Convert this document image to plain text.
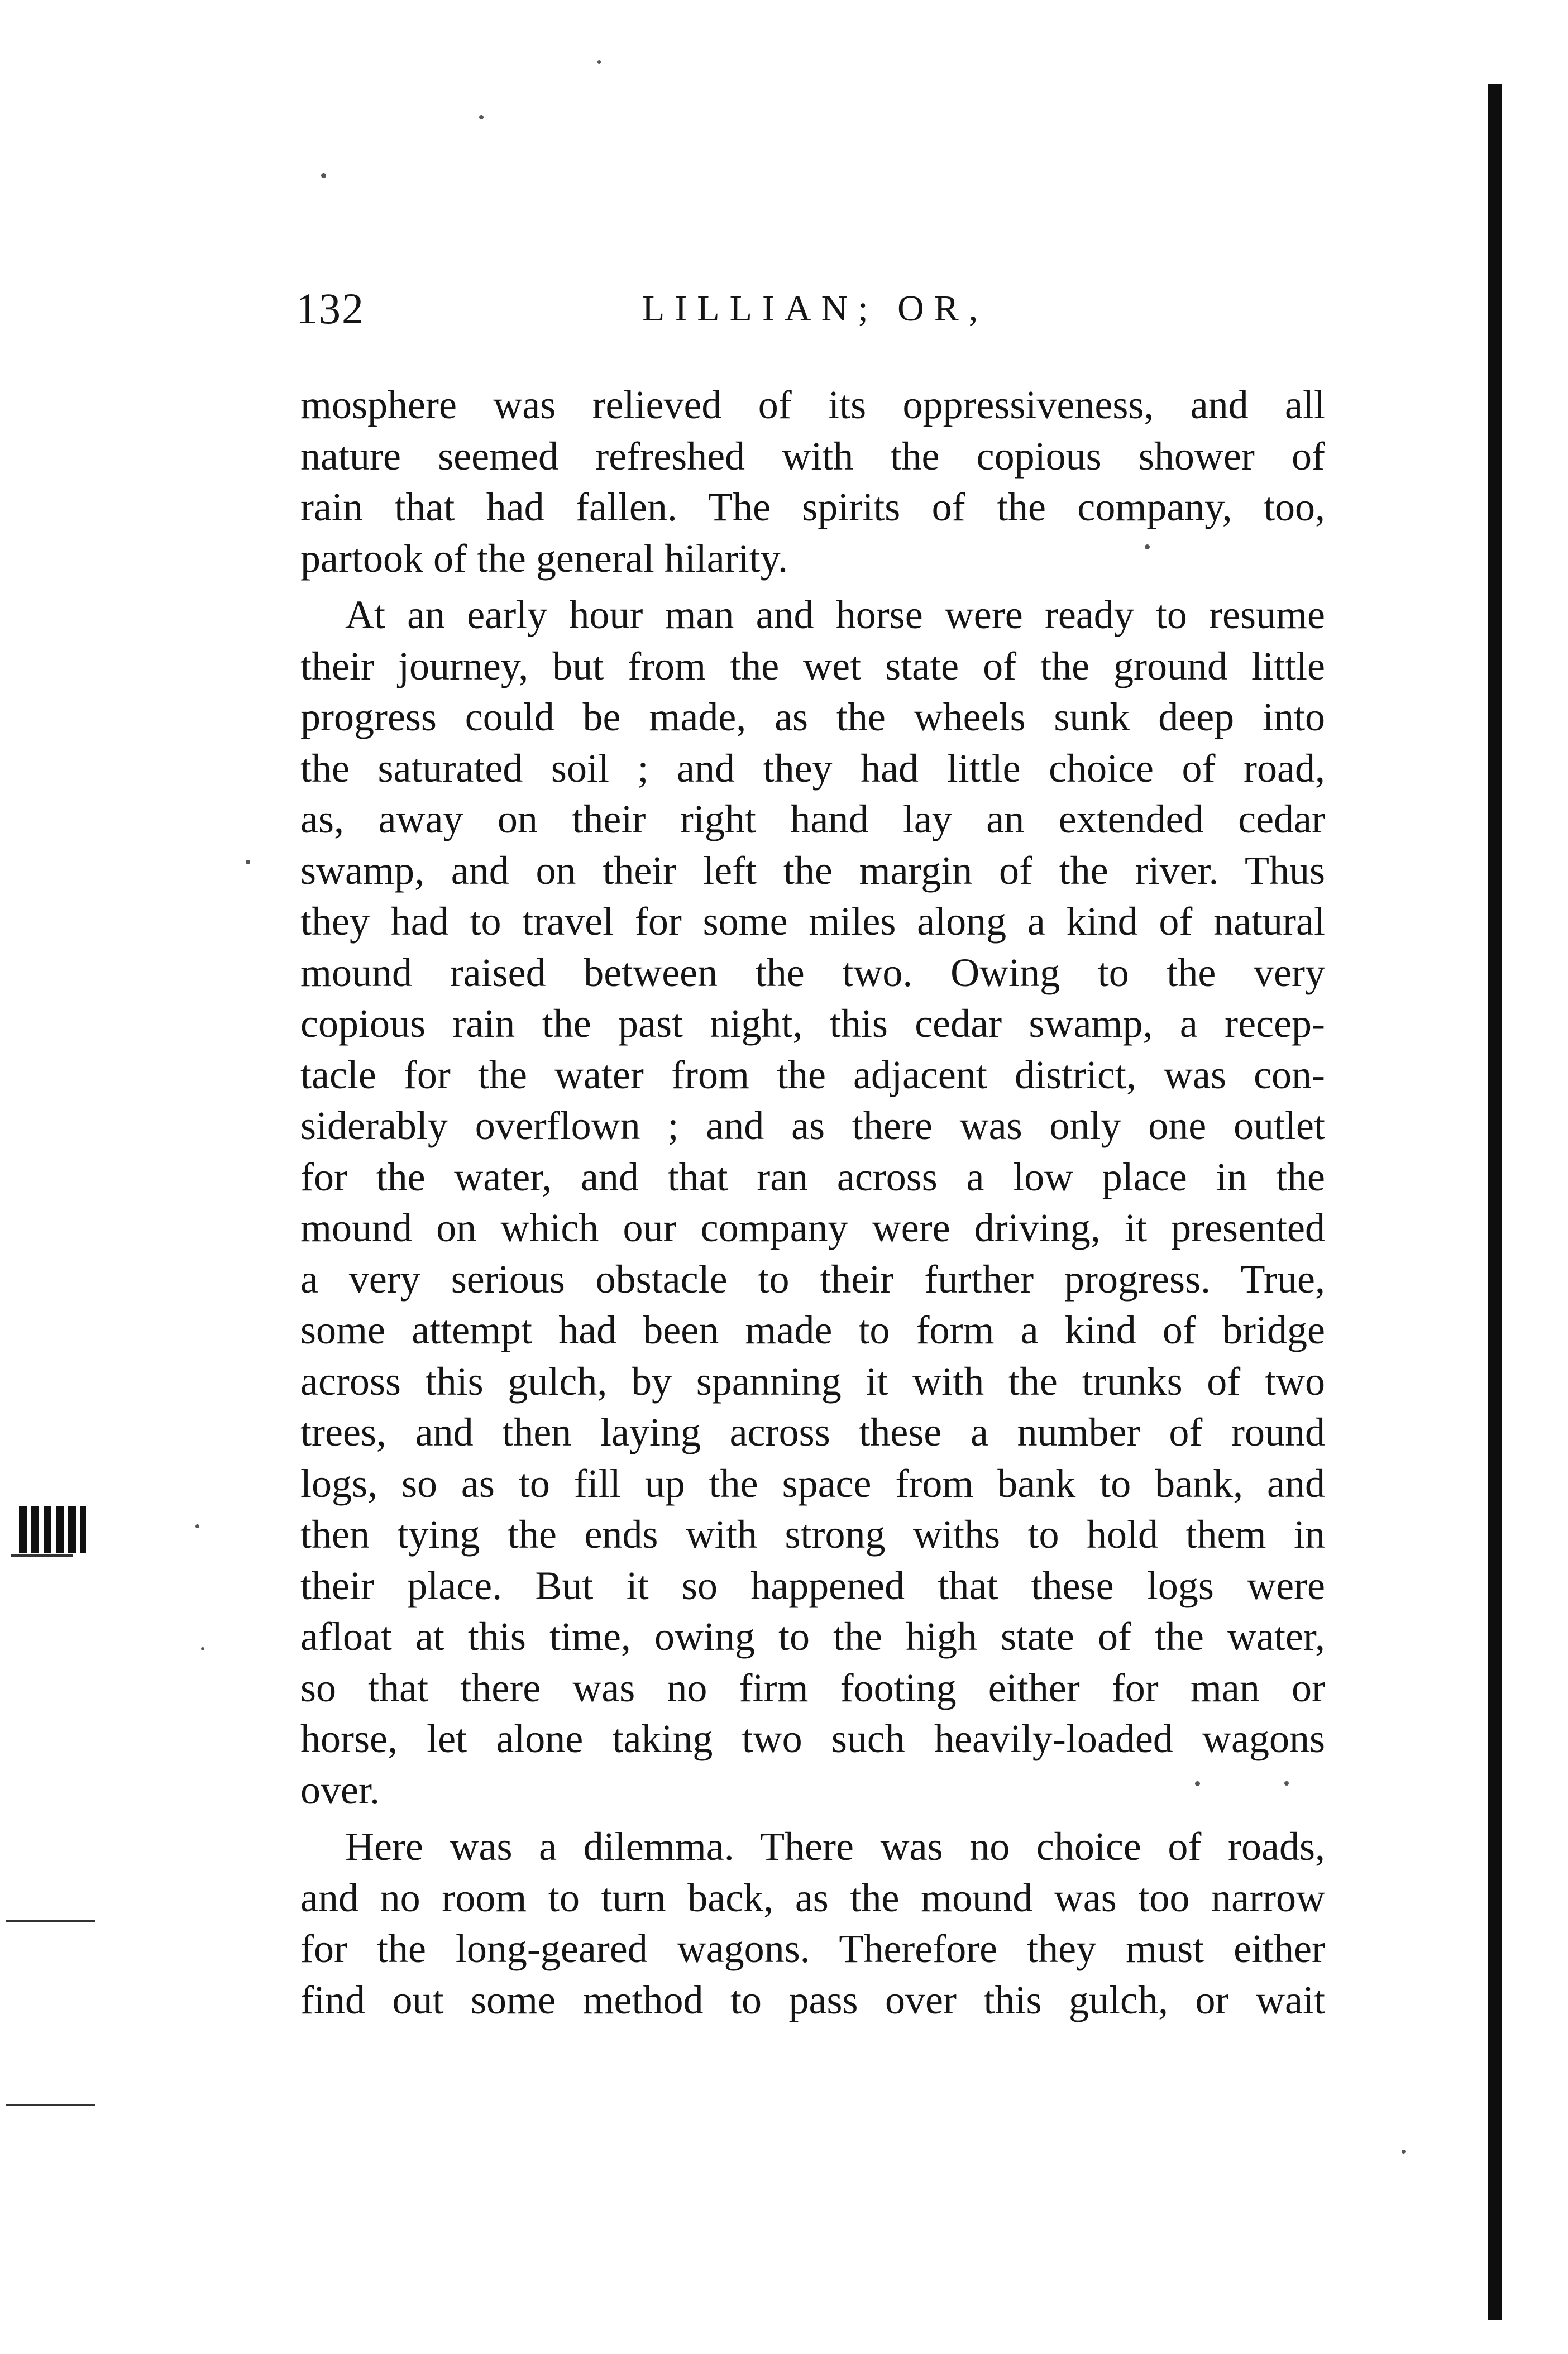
132	LILLIAN; OR,
mosphere was relieved of its oppressiveness, and all
nature seemed refreshed with the copious shower of
rain that had fallen. The spirits of the company, too,
partook of the general hilarity.
At an early hour man and horse were ready to resume
their journey, but from the wet state of the ground little
progress could be made, as the wheels sunk deep into
the saturated soil ; and they had little choice of road,
as, away on their right hand lay an extended cedar
swamp, and on their left the margin of the river. Thus
they had to travel for some miles along a kind of natural
mound raised between the two. Owing to the very
copious rain the past night, this cedar swamp, a recep-
tacle for the water from the adjacent district, was con-
siderably overflown ; and as there was only one outlet
for the water, and that ran across a low place in the
mound on which our company were driving, it presented
a very serious obstacle to their further progress. True,
some attempt had been made to form a kind of bridge
across this gulch, by spanning it with the trunks of two
trees, and then laying across these a number of round
logs, so as to fill up the space from bank to bank, and
then tying the ends with strong withs to hold them in
their place. But it so happened that these logs were
afloat at this time, owing to the high state of the water,
so that there was no firm footing either for man or
horse, let alone taking two such heavily-loaded wagons
over.
Here was a dilemma. There was no choice of roads,
and no room to turn back, as the mound was too narrow
for the long-geared wagons. Therefore they must either
find out some method to pass over this gulch, or wait
